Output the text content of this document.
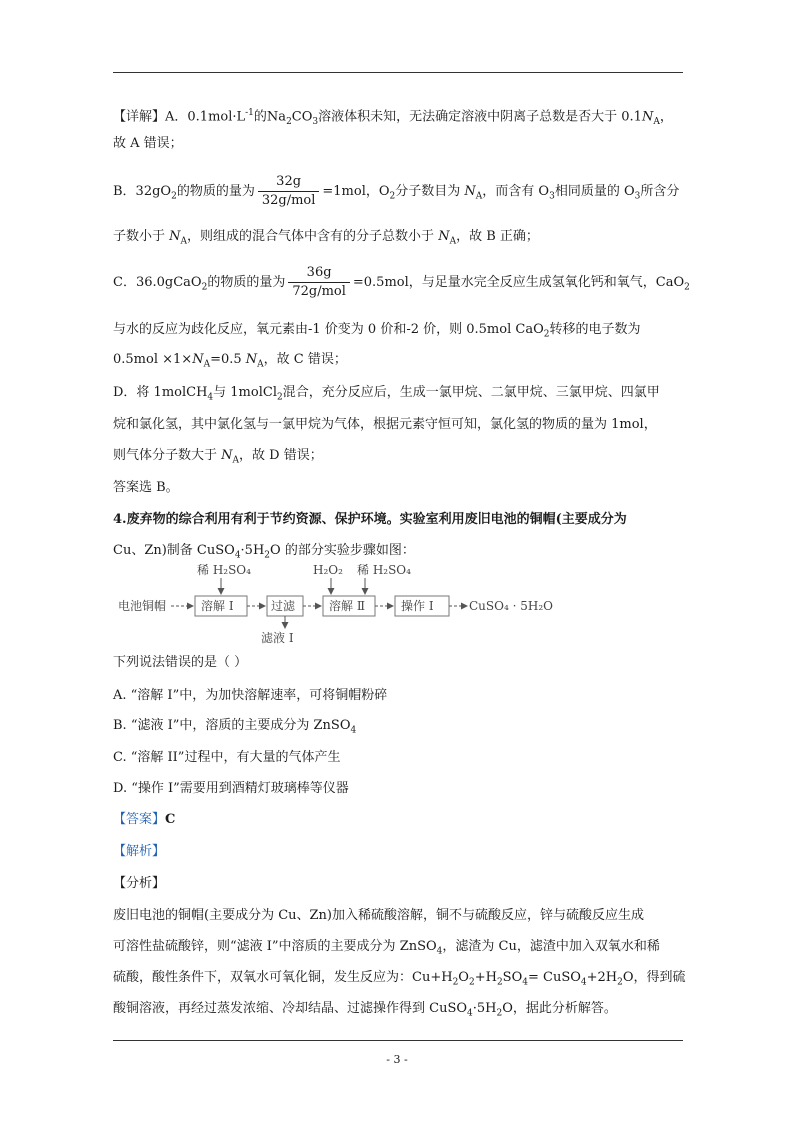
【详解】A．$0.1mol\cdot L^{-1}$的$Na_2CO_3$溶液体积未知，无法确定溶液中阴离子总数是否大于 $0.1N_A$，
故 A 错误；
B．$32gO_2$的物质的量为 $\frac{32g}{\text{32g/mol}} =1mol$，$O_2$分子数目为 $N_A$，而含有 $O_3$相同质量的 $O_3$所含分
子数小于 $N_A$，则组成的混合气体中含有的分子总数小于 $N_A$，故 B 正确；
C．36.0gCaO$_2$的物质的量为 $\frac{36g}{\text{72g/mol}} =0.5mol$，与足量水完全反应生成氢氧化钙和氧气，CaO$_2$
与水的反应为歧化反应，氧元素由-1 价变为 0 价和-2 价，则 0.5mol CaO$_2$转移的电子数为
$0.5mol \times 1\times N_A=0.5$ $N_A$，故 C 错误；
D．将 1molCH$_4$与 1molCl$_2$混合，充分反应后，生成一氯甲烷、二氯甲烷、三氯甲烷、四氯甲
烷和氯化氢，其中氯化氢与一氯甲烷为气体，根据元素守恒可知，氯化氢的物质的量为 1mol，
则气体分子数大于 $N_A$，故 D 错误；
答案选 B。
4.废弃物的综合利用有利于节约资源、保护环境。实验室利用废旧电池的铜帽(主要成分为
Cu、Zn)制备 $CuSO_4\cdot 5H_2O$ 的部分实验步骤如图：
电池铜帽	溶解 Ⅰ	过滤	溶解 Ⅱ	操作 Ⅰ	CuSO₄ · 5H₂O
稀 H₂SO₄	H₂O₂ 稀 H₂SO₄
滤液 Ⅰ
下列说法错误的是（ ）
A. “溶解 I”中，为加快溶解速率，可将铜帽粉碎
B. “滤液 I”中，溶质的主要成分为 ZnSO$_4$
C. “溶解 II”过程中，有大量的气体产生
D. “操作 I”需要用到酒精灯玻璃棒等仪器
【答案】C
【解析】
【分析】
废旧电池的铜帽(主要成分为 Cu、Zn)加入稀硫酸溶解，铜不与硫酸反应，锌与硫酸反应生成
可溶性盐硫酸锌，则“滤液 I”中溶质的主要成分为 ZnSO$_4$，滤渣为 Cu，滤渣中加入双氧水和稀
硫酸，酸性条件下，双氧水可氧化铜，发生反应为：$Cu+H_2O_2+H_2SO_4=$ $CuSO_4+2H_2O$，得到硫
酸铜溶液，再经过蒸发浓缩、冷却结晶、过滤操作得到 $CuSO_4\cdot 5H_2O$，据此分析解答。
- 3 -
